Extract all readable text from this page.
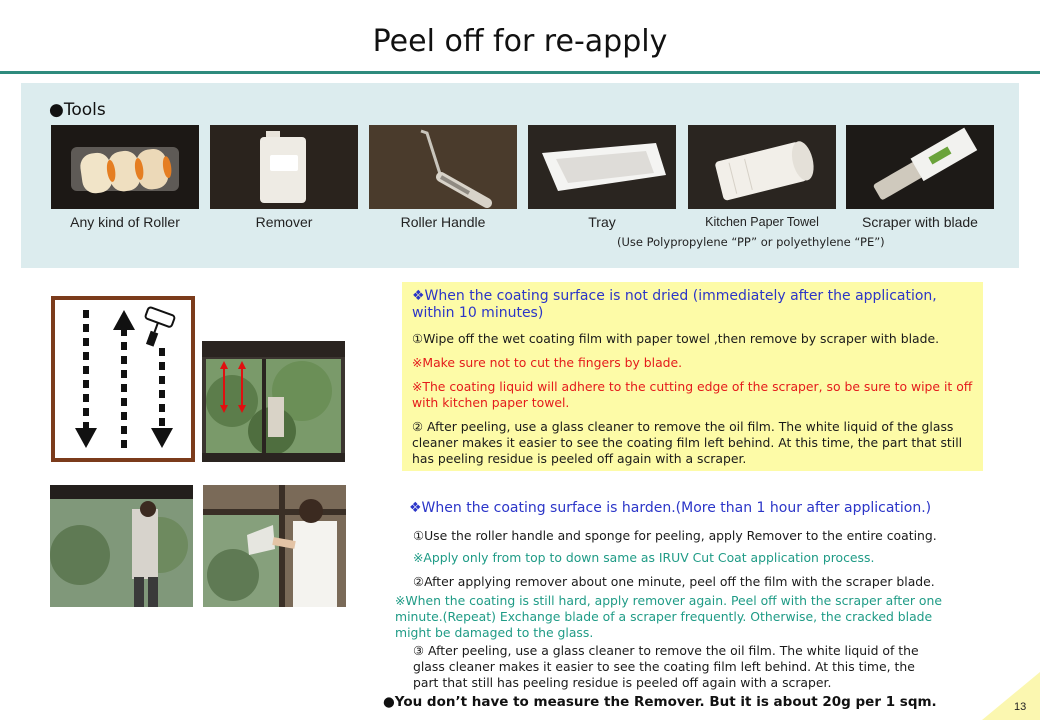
Peel off for re-apply
●Tools
Any kind of Roller	Remover	Roller Handle	Tray	Kitchen Paper Towel	Scraper with blade
(Use Polypropylene “PP” or polyethylene “PE”)
❖When the coating surface is not dried (immediately after the application, within 10 minutes)
①Wipe off the wet coating film with paper towel ,then remove by scraper with blade.
※Make sure not to cut the fingers by blade.
※The coating liquid will adhere to the cutting edge of the scraper, so be sure to wipe it off with kitchen paper towel.
② After peeling, use a glass cleaner to remove the oil film. The white liquid of the glass cleaner makes it easier to see the coating film left behind. At this time, the part that still has peeling residue is peeled off again with a scraper.
❖When the coating surface is harden.(More than 1 hour after application.)
①Use the roller handle and sponge for peeling, apply Remover to the entire coating.
※Apply only from top to down same as IRUV Cut Coat application process.
②After applying remover about one minute, peel off the film with the scraper blade.
※When the coating is still hard, apply remover again. Peel off with the scraper after one minute.(Repeat) Exchange blade of a scraper frequently. Otherwise, the cracked blade might be damaged to the glass.
③ After peeling, use a glass cleaner to remove the oil film. The white liquid of the glass cleaner makes it easier to see the coating film left behind. At this time, the part that still has peeling residue is peeled off again with a scraper.
●You don’t have to measure the Remover. But it is about 20g per 1 sqm.	13
